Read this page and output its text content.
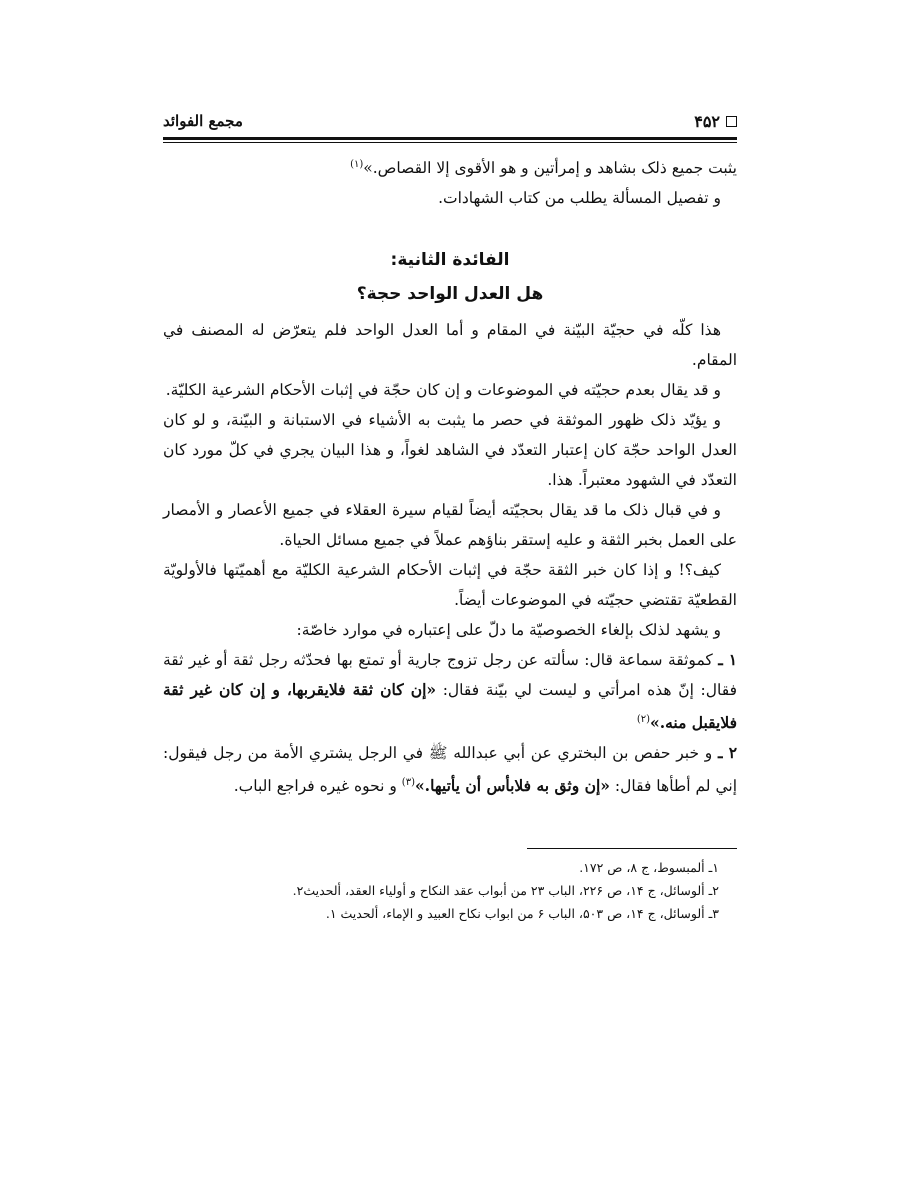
۴۵۲
مجمع الفوائد

یثبت جمیع ذلک بشاهد و إمرأتین و هو الأقوی إلا القصاص.»$^{(۱)}$

و تفصیل المسألة یطلب من کتاب الشهادات.

الفائدة الثانیة:

هل العدل الواحد حجة؟

هذا کلّه في حجیّة البیّنة في المقام و أما العدل الواحد فلم یتعرّض له المصنف في المقام.

و قد یقال بعدم حجیّته في الموضوعات و إن کان حجّة في إثبات الأحکام الشرعیة الکلیّة.

و یؤیّد ذلک ظهور الموثقة في حصر ما یثبت به الأشیاء في الاستبانة و البیّنة، و لو کان العدل الواحد حجّة کان إعتبار التعدّد في الشاهد لغواً، و هذا البیان یجري في کلّ مورد کان التعدّد في الشهود معتبراً. هذا.

و في قبال ذلک ما قد یقال بحجیّته أیضاً لقیام سیرة العقلاء في جمیع الأعصار و الأمصار علی العمل بخبر الثقة و علیه إستقر بناؤهم عملاً في جمیع مسائل الحیاة.

کیف؟! و إذا کان خبر الثقة حجّة في إثبات الأحکام الشرعیة الکلیّة مع أهمیّتها فالأولویّة القطعیّة تقتضي حجیّته في الموضوعات أیضاً.

و یشهد لذلک بإلغاء الخصوصیّة ما دلّ علی إعتباره في موارد خاصّة:

۱ ـ کموثقة سماعة قال: سألته عن رجل تزوج جاریة أو تمتع بها فحدّثه رجل ثقة أو غیر ثقة فقال: إنّ هذه امرأتي و لیست لي بیّنة فقال: «إن کان ثقة فلایقربها، و إن کان غیر ثقة فلایقبل منه.»$^{(۲)}$

۲ ـ و خبر حفص بن البختري عن أبي عبدالله ﷺ في الرجل یشتري الأمة من رجل فیقول: إني لم أطأها فقال: «إن وثق به فلابأس أن یأتیها.»$^{(۳)}$ و نحوه غیره فراجع الباب.

۱ـ ألمبسوط، ج ۸، ص ۱۷۲.
۲ـ ألوسائل، ج ۱۴، ص ۲۲۶، الباب ۲۳ من أبواب عقد النکاح و أولیاء العقد، ألحدیث۲.
۳ـ ألوسائل، ج ۱۴، ص ۵۰۳، الباب ۶ من ابواب نکاح العبید و الإماء، ألحدیث ۱.
